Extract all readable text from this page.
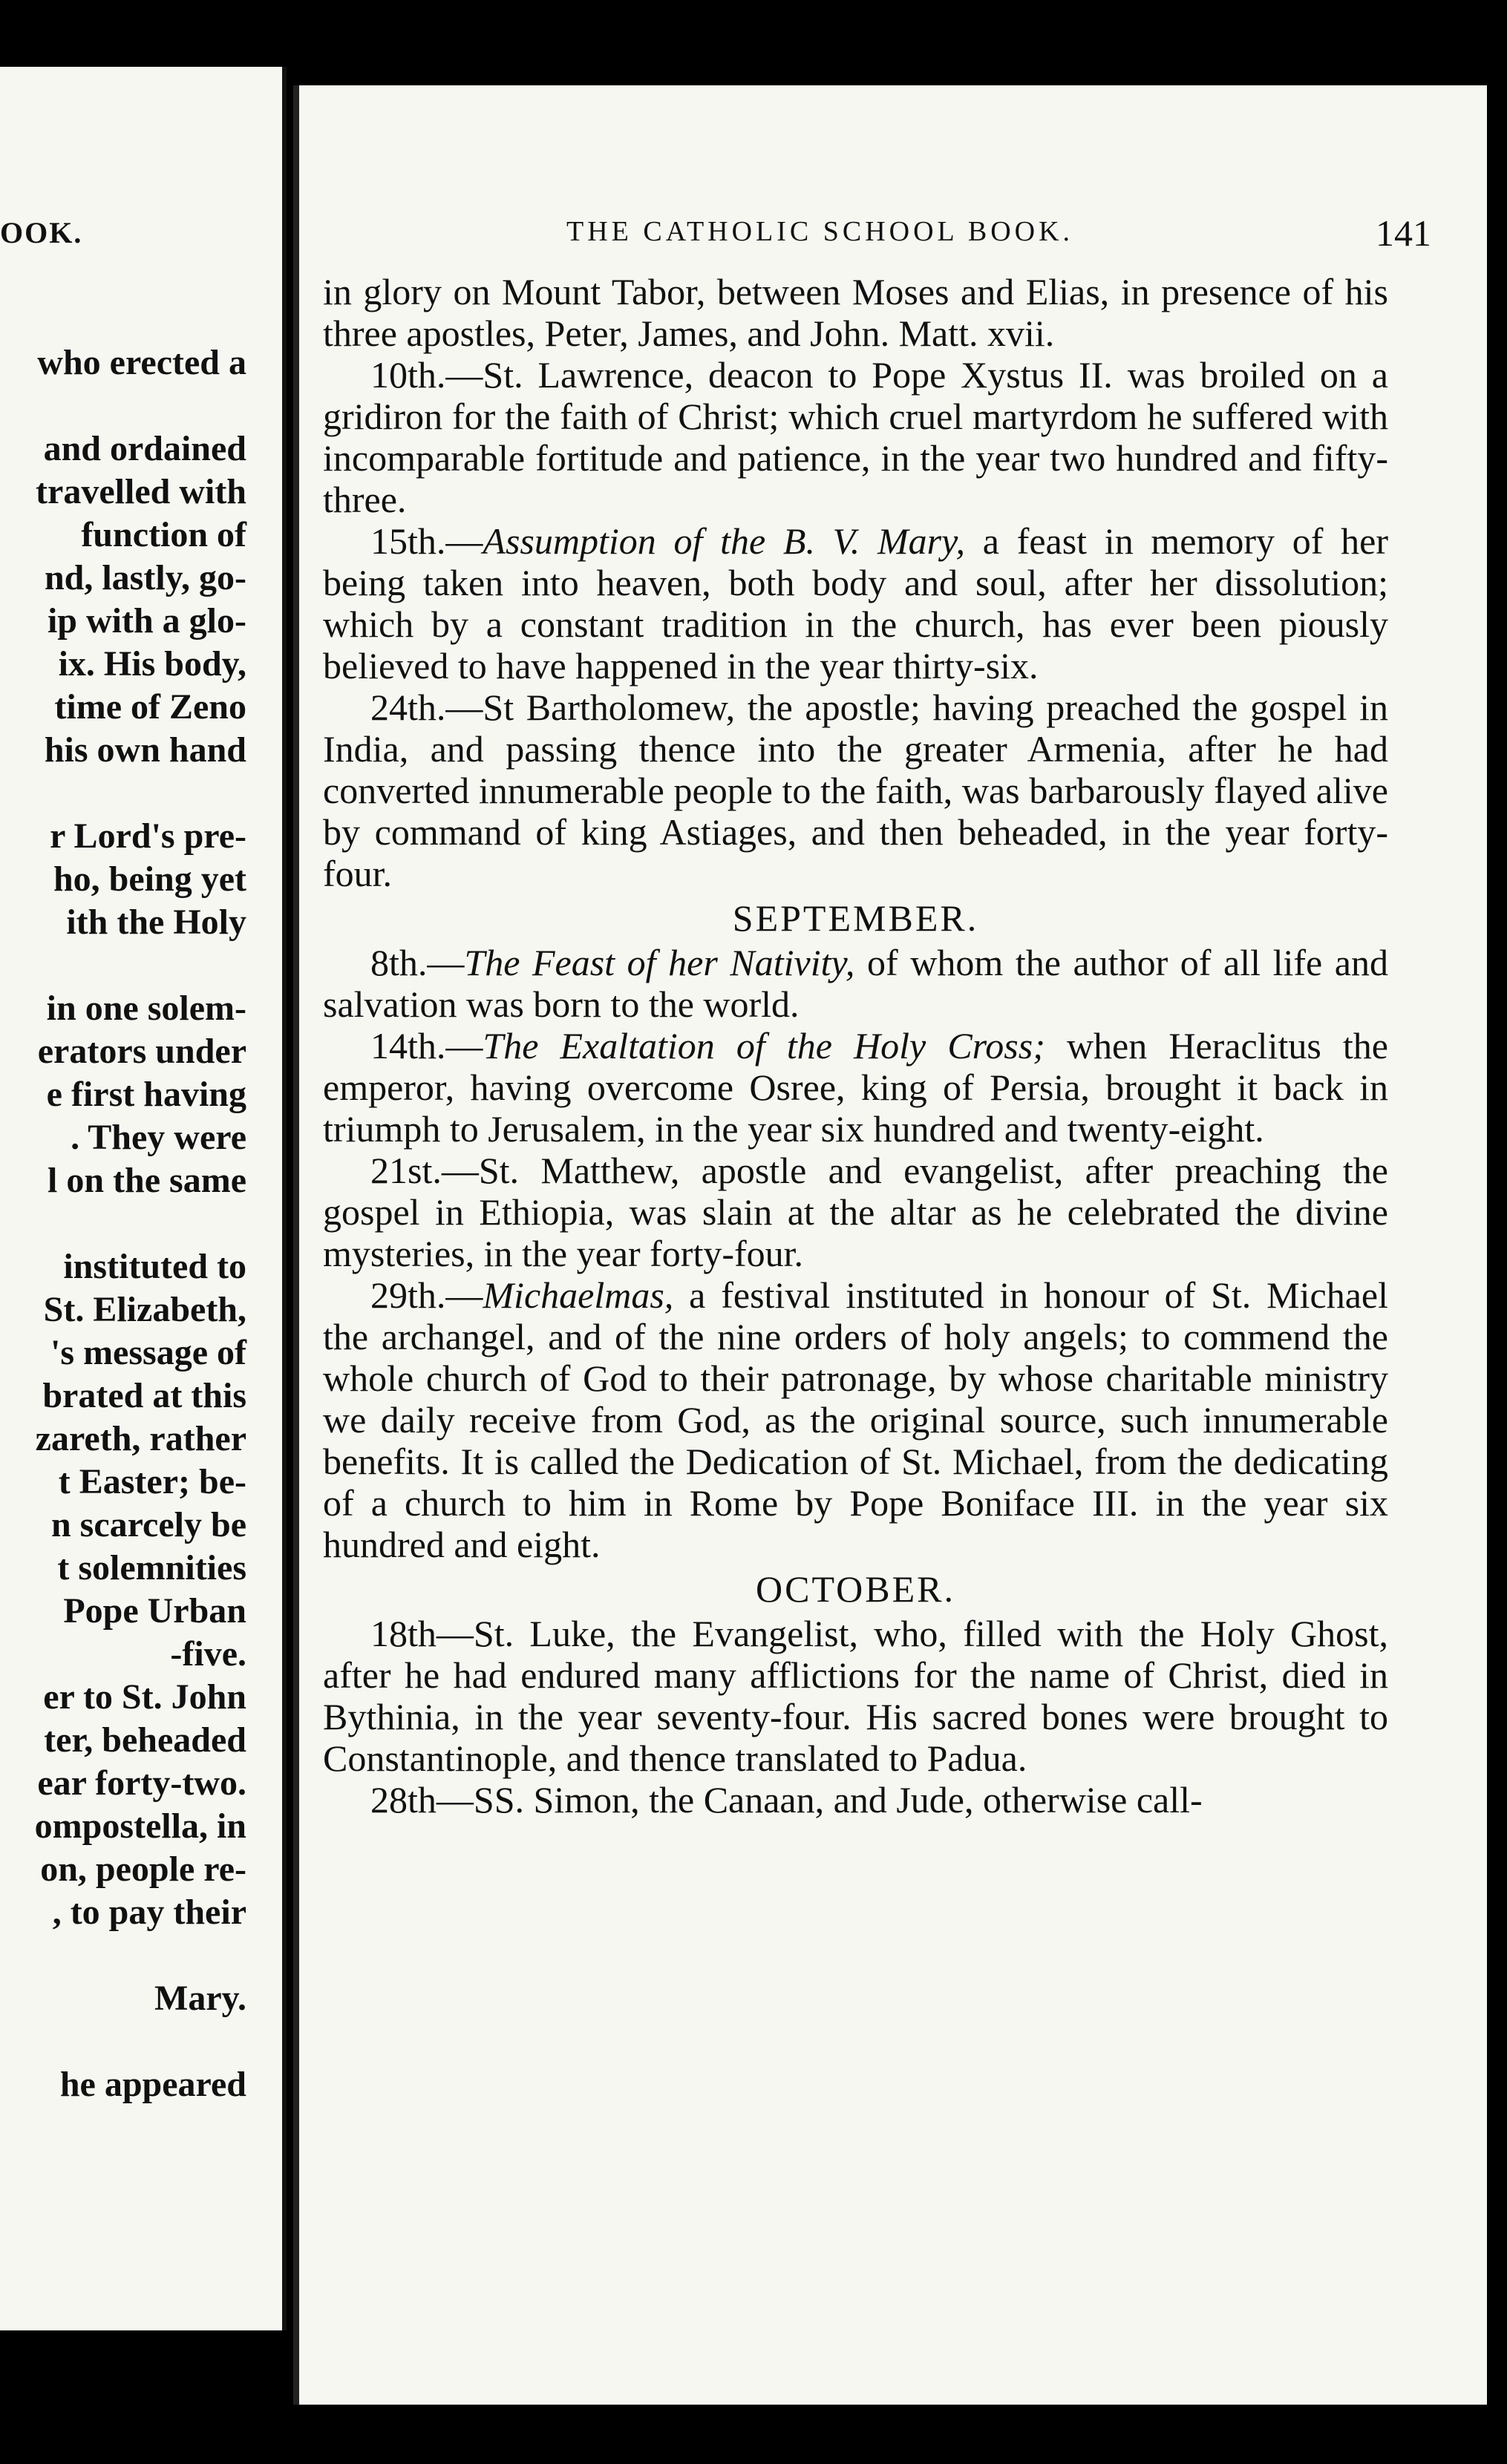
OOK.
who erected a
and ordained
travelled with
function of
nd, lastly, go-
ip with a glo-
ix. His body,
time of Zeno
his own hand
r Lord's pre-
ho, being yet
ith the Holy
in one solem-
erators under
e first having
. They were
l on the same
instituted to
St. Elizabeth,
's message of
brated at this
zareth, rather
t Easter; be-
n scarcely be
t solemnities
Pope Urban
-five.
er to St. John
ter, beheaded
ear forty-two.
ompostella, in
on, people re-
, to pay their
Mary.
he appeared
THE CATHOLIC SCHOOL BOOK.	141

in glory on Mount Tabor, between Moses and Elias, in presence of his three apostles, Peter, James, and John. Matt. xvii.

10th.—St. Lawrence, deacon to Pope Xystus II. was broiled on a gridiron for the faith of Christ; which cruel martyrdom he suffered with incomparable fortitude and patience, in the year two hundred and fifty-three.

15th.—Assumption of the B. V. Mary, a feast in memory of her being taken into heaven, both body and soul, after her dissolution; which by a constant tradition in the church, has ever been piously believed to have happened in the year thirty-six.

24th.—St Bartholomew, the apostle; having preached the gospel in India, and passing thence into the greater Armenia, after he had converted innumerable people to the faith, was barbarously flayed alive by command of king Astiages, and then beheaded, in the year forty-four.

SEPTEMBER.

8th.—The Feast of her Nativity, of whom the author of all life and salvation was born to the world.

14th.—The Exaltation of the Holy Cross; when Heraclitus the emperor, having overcome Osree, king of Persia, brought it back in triumph to Jerusalem, in the year six hundred and twenty-eight.

21st.—St. Matthew, apostle and evangelist, after preaching the gospel in Ethiopia, was slain at the altar as he celebrated the divine mysteries, in the year forty-four.

29th.—Michaelmas, a festival instituted in honour of St. Michael the archangel, and of the nine orders of holy angels; to commend the whole church of God to their patronage, by whose charitable ministry we daily receive from God, as the original source, such innumerable benefits. It is called the Dedication of St. Michael, from the dedicating of a church to him in Rome by Pope Boniface III. in the year six hundred and eight.

OCTOBER.

18th—St. Luke, the Evangelist, who, filled with the Holy Ghost, after he had endured many afflictions for the name of Christ, died in Bythinia, in the year seventy-four. His sacred bones were brought to Constantinople, and thence translated to Padua.

28th—SS. Simon, the Canaan, and Jude, otherwise call-
